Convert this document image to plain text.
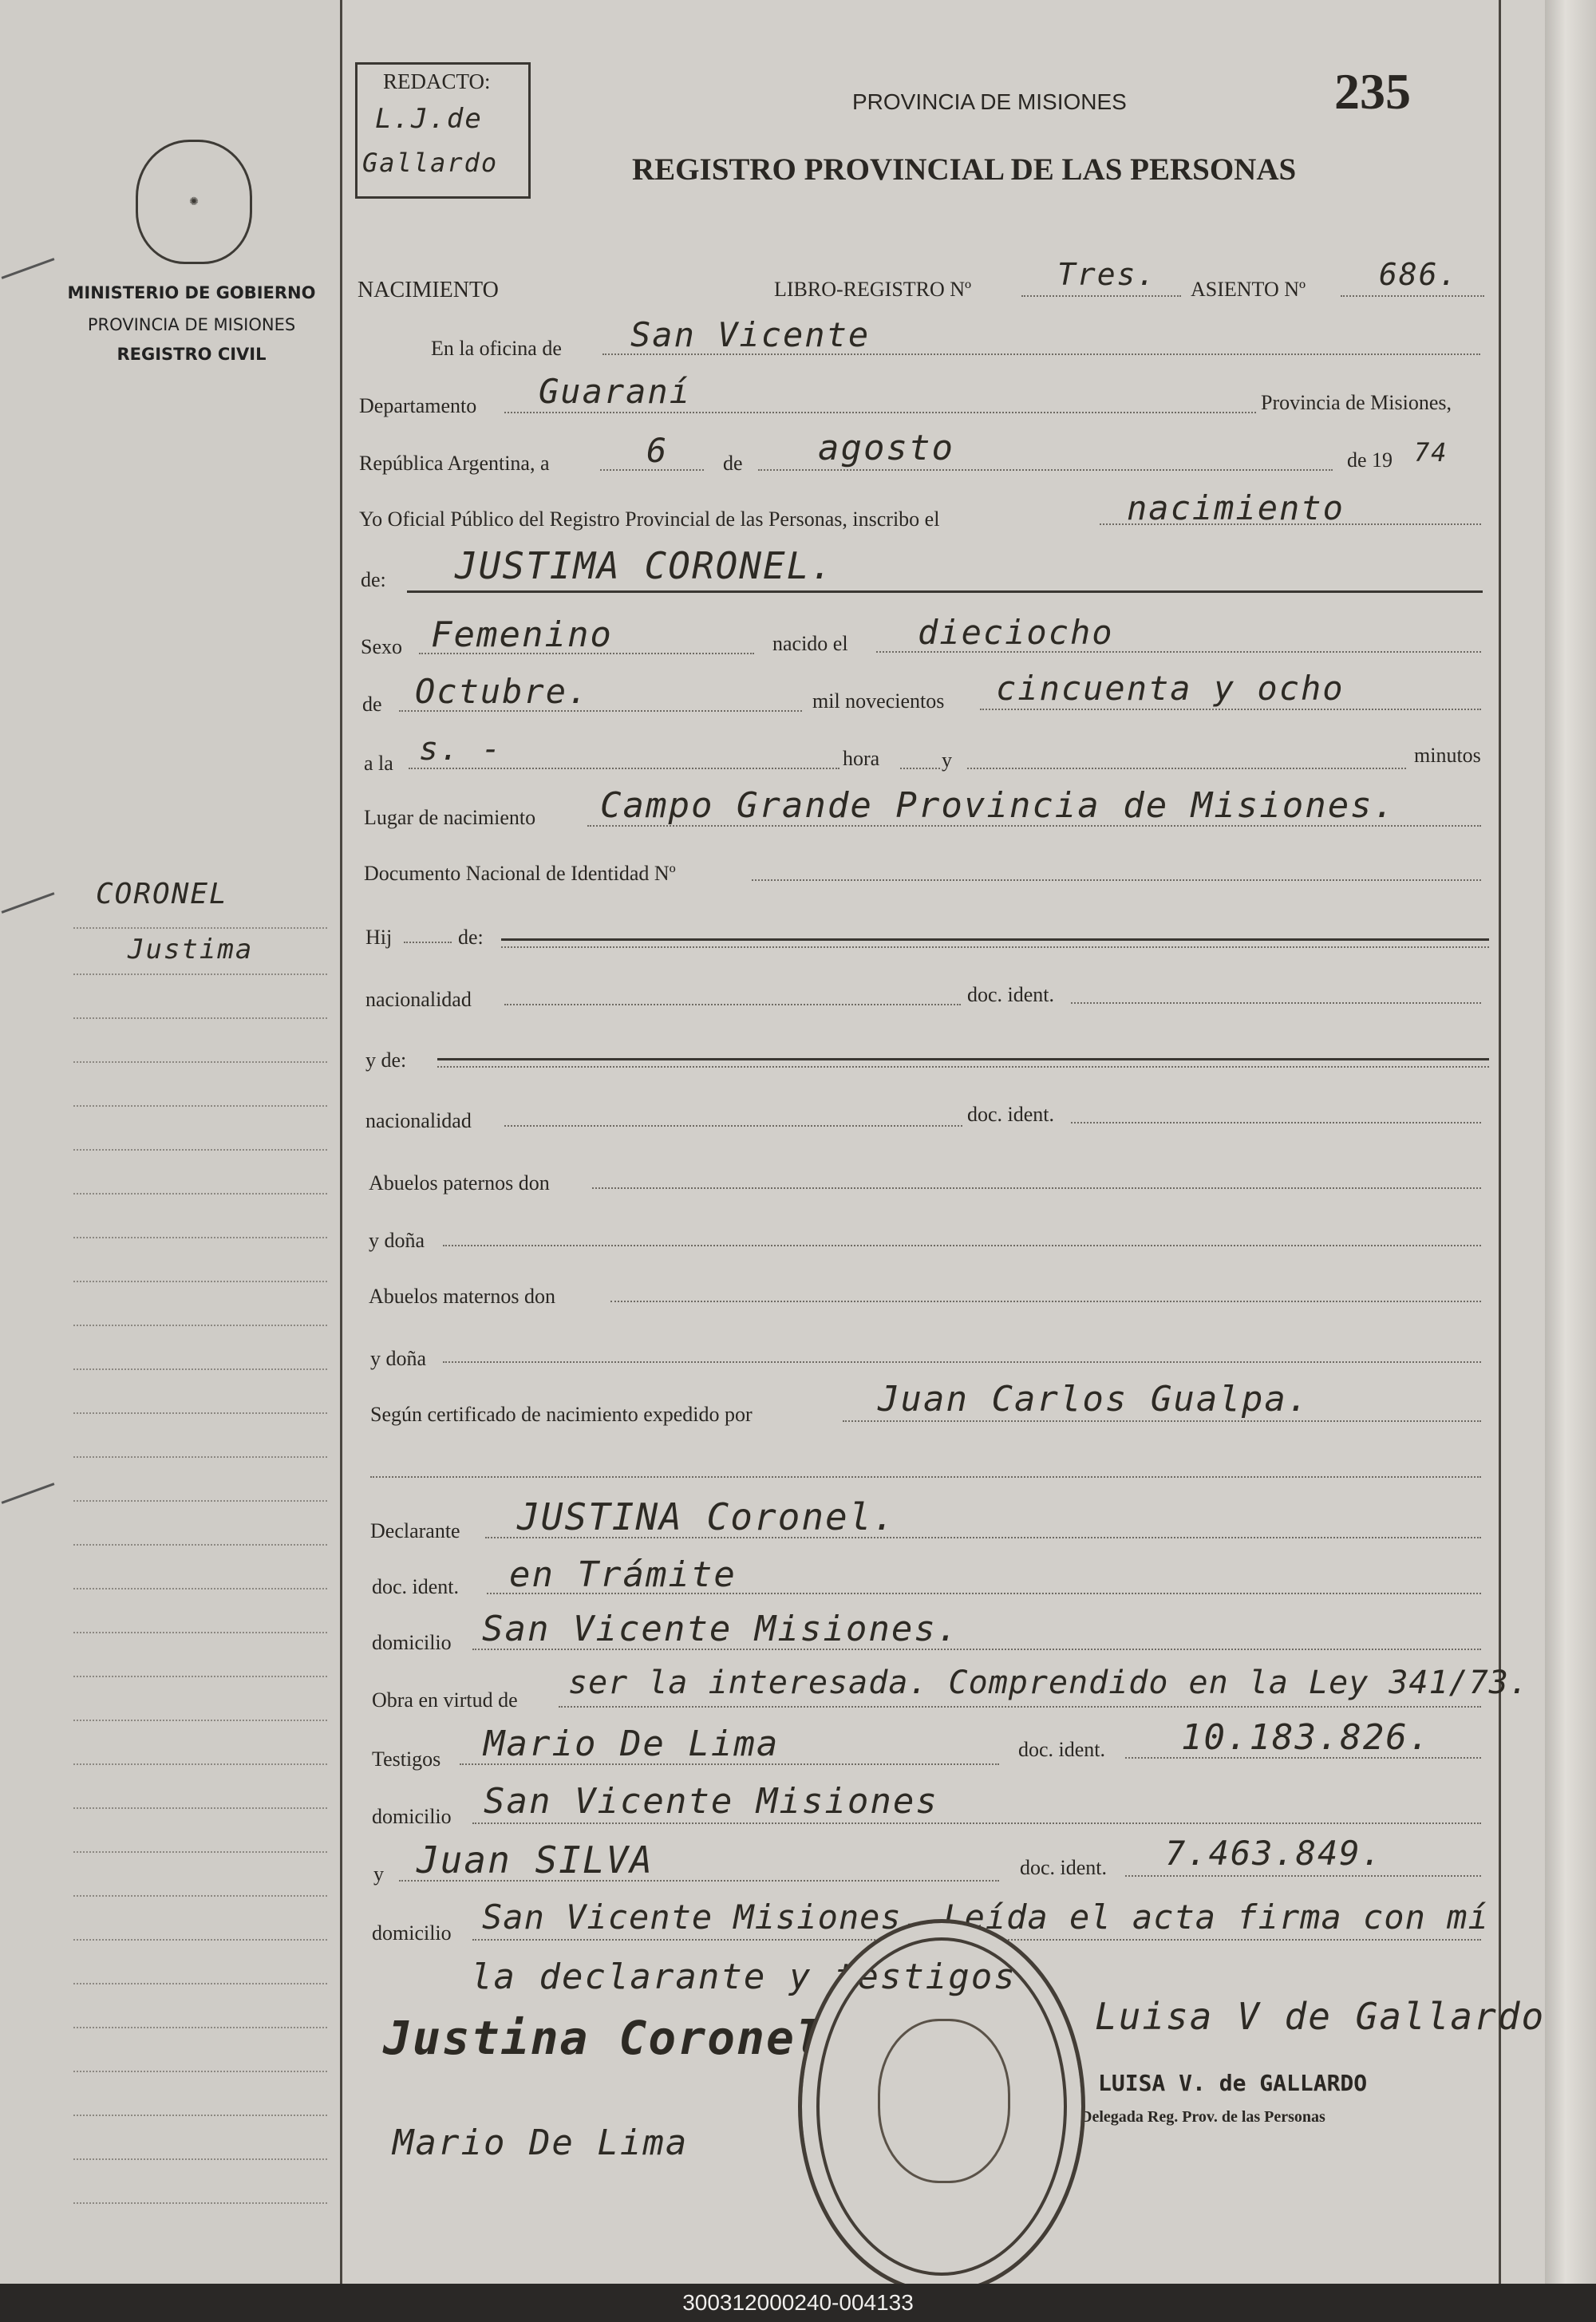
✺
MINISTERIO DE GOBIERNO
PROVINCIA DE MISIONES
REGISTRO CIVIL
CORONEL
Justima
REDACTO:
L.J.de
Gallardo
PROVINCIA DE MISIONES	235
REGISTRO PROVINCIAL DE LAS PERSONAS
NACIMIENTO	LIBRO-REGISTRO Nº	Tres. ASIENTO Nº 686.
En la oficina de San Vicente
Departamento Guaraní	Provincia de Misiones,
República Argentina, a	6	de agosto	de 19 74
Yo Oficial Público del Registro Provincial de las Personas, inscribo el	nacimiento
de: JUSTIMA CORONEL.
Sexo Femenino	nacido el dieciocho
de Octubre.	mil novecientos cincuenta y ocho
a la s. -	hora	y	minutos
Lugar de nacimiento Campo Grande Provincia de Misiones.
Documento Nacional de Identidad Nº
Hij	de:
nacionalidad	doc. ident.
y de:
nacionalidad	doc. ident.
Abuelos paternos don
y doña
Abuelos maternos don
y doña
Según certificado de nacimiento expedido por	Juan Carlos Gualpa.
Declarante JUSTINA Coronel.
doc. ident. en Trámite
domicilio San Vicente Misiones.
Obra en virtud de ser la interesada. Comprendido en la Ley 341/73.
Testigos Mario De Lima	doc. ident. 10.183.826.
domicilio San Vicente Misiones
y Juan SILVA	doc. ident. 7.463.849.
domicilio San Vicente Misiones. Leída el acta firma con mí
la declarante y testigos
Justina Coronel
Mario De Lima
Luisa V de Gallardo
LUISA V. de GALLARDO
Delegada Reg. Prov. de las Personas
300312000240-004133
